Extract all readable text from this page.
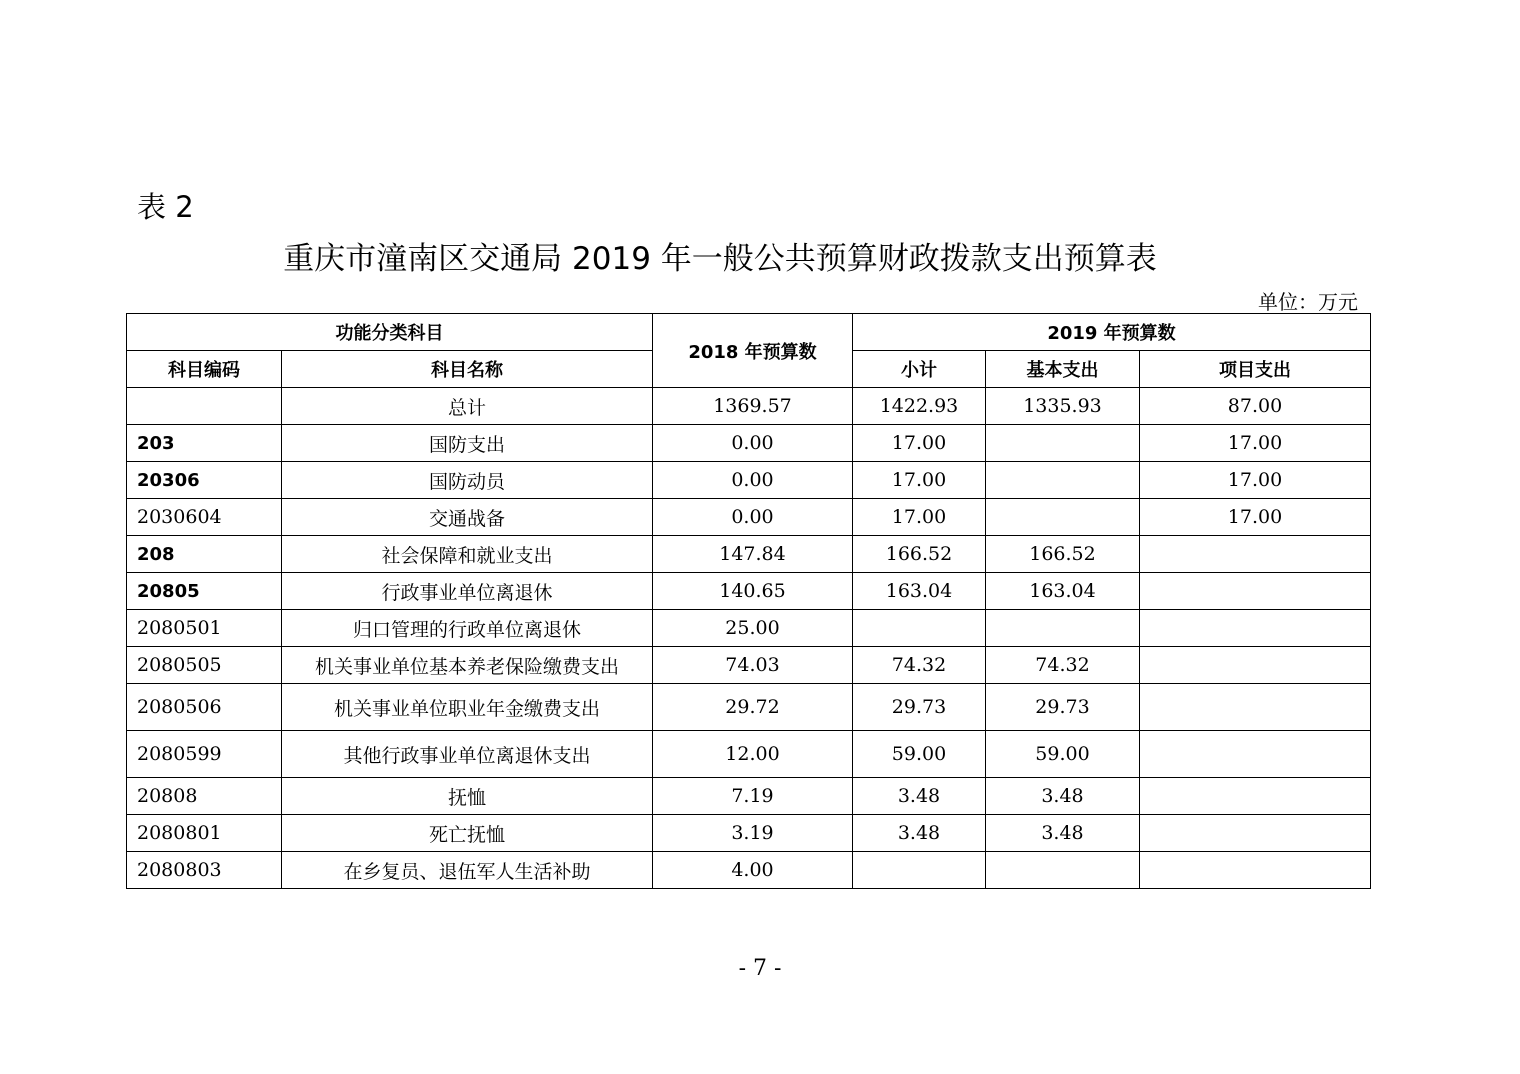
表 2
重庆市潼南区交通局 2019 年一般公共预算财政拨款支出预算表
单位：万元
功能分类科目		2018 年预算数	2019 年预算数		
科目编码	科目名称		小计	基本支出	项目支出
	总计	1369.57	1422.93	1335.93	87.00
203	国防支出	0.00	17.00		17.00
20306	国防动员	0.00	17.00		17.00
2030604	交通战备	0.00	17.00		17.00
208	社会保障和就业支出	147.84	166.52	166.52	
20805	行政事业单位离退休	140.65	163.04	163.04	
2080501	归口管理的行政单位离退休	25.00			
2080505	机关事业单位基本养老保险缴费支出	74.03	74.32	74.32	
2080506	机关事业单位职业年金缴费支出	29.72	29.73	29.73	
2080599	其他行政事业单位离退休支出	12.00	59.00	59.00	
20808	抚恤	7.19	3.48	3.48	
2080801	死亡抚恤	3.19	3.48	3.48	
2080803	在乡复员、退伍军人生活补助	4.00			
- 7 -
